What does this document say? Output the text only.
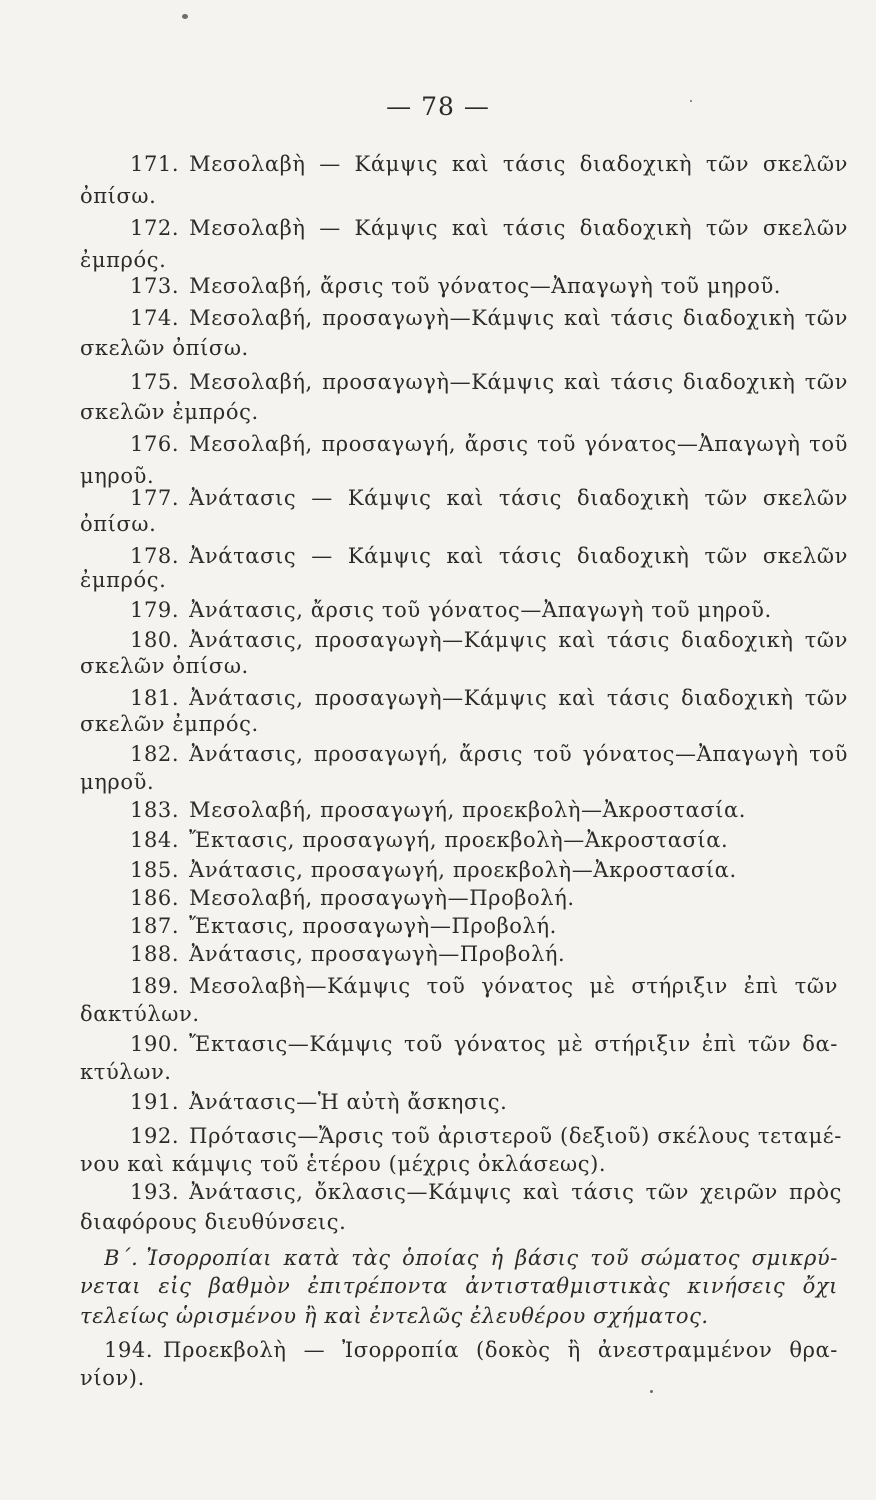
— 78 —
171. Μεσολαβὴ — Κάμψις καὶ τάσις διαδοχικὴ τῶν σκελῶν
ὀπίσω.
172. Μεσολαβὴ — Κάμψις καὶ τάσις διαδοχικὴ τῶν σκελῶν
ἐμπρός.
173. Μεσολαβή, ἄρσις τοῦ γόνατος—Ἀπαγωγὴ τοῦ μηροῦ.
174. Μεσολαβή, προσαγωγὴ—Κάμψις καὶ τάσις διαδοχικὴ τῶν
σκελῶν ὀπίσω.
175. Μεσολαβή, προσαγωγὴ—Κάμψις καὶ τάσις διαδοχικὴ τῶν
σκελῶν ἐμπρός.
176. Μεσολαβή, προσαγωγή, ἄρσις τοῦ γόνατος—Ἀπαγωγὴ τοῦ
μηροῦ.
177. Ἀνάτασις — Κάμψις καὶ τάσις διαδοχικὴ τῶν σκελῶν
ὀπίσω.
178. Ἀνάτασις — Κάμψις καὶ τάσις διαδοχικὴ τῶν σκελῶν
ἐμπρός.
179. Ἀνάτασις, ἄρσις τοῦ γόνατος—Ἀπαγωγὴ τοῦ μηροῦ.
180. Ἀνάτασις, προσαγωγὴ—Κάμψις καὶ τάσις διαδοχικὴ τῶν
σκελῶν ὀπίσω.
181. Ἀνάτασις, προσαγωγὴ—Κάμψις καὶ τάσις διαδοχικὴ τῶν
σκελῶν ἐμπρός.
182. Ἀνάτασις, προσαγωγή, ἄρσις τοῦ γόνατος—Ἀπαγωγὴ τοῦ
μηροῦ.
183. Μεσολαβή, προσαγωγή, προεκβολὴ—Ἀκροστασία.
184. Ἔκτασις, προσαγωγή, προεκβολὴ—Ἀκροστασία.
185. Ἀνάτασις, προσαγωγή, προεκβολὴ—Ἀκροστασία.
186. Μεσολαβή, προσαγωγὴ—Προβολή.
187. Ἔκτασις, προσαγωγὴ—Προβολή.
188. Ἀνάτασις, προσαγωγὴ—Προβολή.
189. Μεσολαβὴ—Κάμψις τοῦ γόνατος μὲ στήριξιν ἐπὶ τῶν
δακτύλων.
190. Ἔκτασις—Κάμψις τοῦ γόνατος μὲ στήριξιν ἐπὶ τῶν δα-
κτύλων.
191. Ἀνάτασις—Ἡ αὐτὴ ἄσκησις.
192. Πρότασις—Ἄρσις τοῦ ἀριστεροῦ (δεξιοῦ) σκέλους τεταμέ-
νου καὶ κάμψις τοῦ ἑτέρου (μέχρις ὀκλάσεως).
193. Ἀνάτασις, ὄκλασις—Κάμψις καὶ τάσις τῶν χειρῶν πρὸς
διαφόρους διευθύνσεις.
Β΄. Ἰσορροπίαι κατὰ τὰς ὁποίας ἡ βάσις τοῦ σώματος σμικρύ-
νεται εἰς βαθμὸν ἐπιτρέποντα ἀντισταθμιστικὰς κινήσεις ὄχι
τελείως ὡρισμένου ἢ καὶ ἐντελῶς ἐλευθέρου σχήματος.
194. Προεκβολὴ — Ἰσορροπία (δοκὸς ἢ ἀνεστραμμένον θρα-
νίον).
